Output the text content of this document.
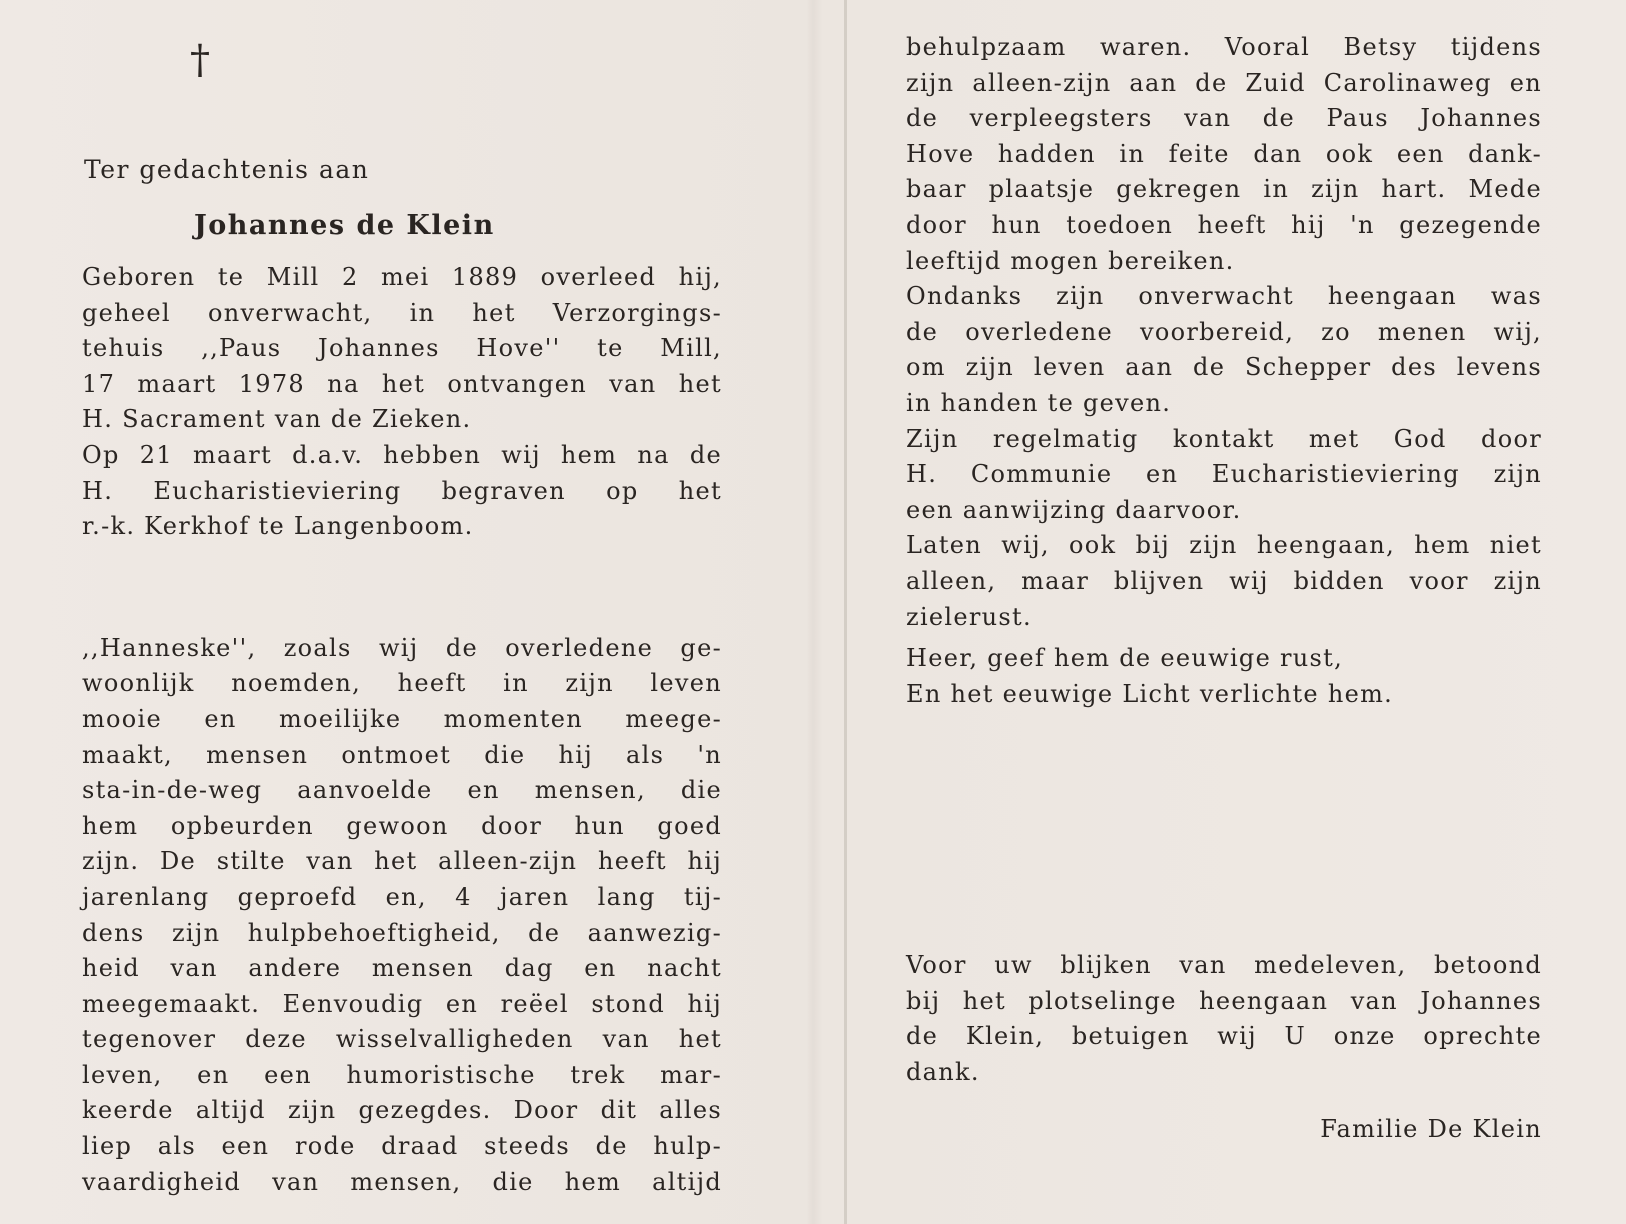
†
Ter gedachtenis aan
Johannes de Klein
Geboren te Mill 2 mei 1889 overleed hij,
geheel onverwacht, in het Verzorgings-
tehuis ,,Paus Johannes Hove'' te Mill,
17 maart 1978 na het ontvangen van het
H. Sacrament van de Zieken.
Op 21 maart d.a.v. hebben wij hem na de
H. Eucharistieviering begraven op het
r.-k. Kerkhof te Langenboom.
,,Hanneske'', zoals wij de overledene ge-
woonlijk noemden, heeft in zijn leven
mooie en moeilijke momenten meege-
maakt, mensen ontmoet die hij als 'n
sta-in-de-weg aanvoelde en mensen, die
hem opbeurden gewoon door hun goed
zijn. De stilte van het alleen-zijn heeft hij
jarenlang geproefd en, 4 jaren lang tij-
dens zijn hulpbehoeftigheid, de aanwezig-
heid van andere mensen dag en nacht
meegemaakt. Eenvoudig en reëel stond hij
tegenover deze wisselvalligheden van het
leven, en een humoristische trek mar-
keerde altijd zijn gezegdes. Door dit alles
liep als een rode draad steeds de hulp-
vaardigheid van mensen, die hem altijd
behulpzaam waren. Vooral Betsy tijdens
zijn alleen-zijn aan de Zuid Carolinaweg en
de verpleegsters van de Paus Johannes
Hove hadden in feite dan ook een dank-
baar plaatsje gekregen in zijn hart. Mede
door hun toedoen heeft hij 'n gezegende
leeftijd mogen bereiken.
Ondanks zijn onverwacht heengaan was
de overledene voorbereid, zo menen wij,
om zijn leven aan de Schepper des levens
in handen te geven.
Zijn regelmatig kontakt met God door
H. Communie en Eucharistieviering zijn
een aanwijzing daarvoor.
Laten wij, ook bij zijn heengaan, hem niet
alleen, maar blijven wij bidden voor zijn
zielerust.
Heer, geef hem de eeuwige rust,
En het eeuwige Licht verlichte hem.
Voor uw blijken van medeleven, betoond
bij het plotselinge heengaan van Johannes
de Klein, betuigen wij U onze oprechte
dank.
Familie De Klein
